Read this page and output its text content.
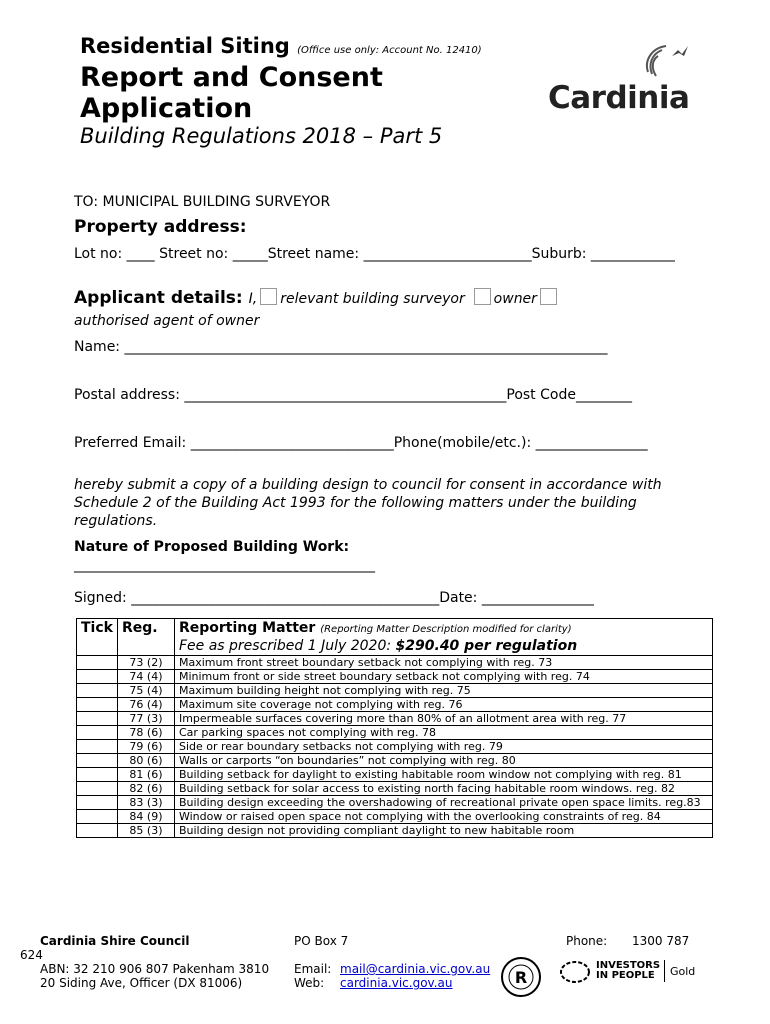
Residential Siting (Office use only: Account No. 12410)
Report and Consent Application
Building Regulations 2018 – Part 5
Cardinia
TO: MUNICIPAL BUILDING SURVEYOR
Property address:
Lot no: ____ Street no: _____Street name: ________________________Suburb: ____________
Applicant details: I, relevant building surveyor owner
authorised agent of owner
Name: _____________________________________________________________________
Postal address: ______________________________________________Post Code________
Preferred Email: _____________________________Phone(mobile/etc.): ________________
hereby submit a copy of a building design to council for consent in accordance with Schedule 2 of the Building Act 1993 for the following matters under the building regulations.
Nature of Proposed Building Work:
___________________________________________
Signed: ____________________________________________Date: ________________
Tick	Reg.	Reporting Matter (Reporting Matter Description modified for clarity)
Fee as prescribed 1 July 2020: $290.40 per regulation
	73 (2)	Maximum front street boundary setback not complying with reg. 73
	74 (4)	Minimum front or side street boundary setback not complying with reg. 74
	75 (4)	Maximum building height not complying with reg. 75
	76 (4)	Maximum site coverage not complying with reg. 76
	77 (3)	Impermeable surfaces covering more than 80% of an allotment area with reg. 77
	78 (6)	Car parking spaces not complying with reg. 78
	79 (6)	Side or rear boundary setbacks not complying with reg. 79
	80 (6)	Walls or carports “on boundaries” not complying with reg. 80
	81 (6)	Building setback for daylight to existing habitable room window not complying with reg. 81
	82 (6)	Building setback for solar access to existing north facing habitable room windows. reg. 82
	83 (3)	Building design exceeding the overshadowing of recreational private open space limits. reg.83
	84 (9)	Window or raised open space not complying with the overlooking constraints of reg. 84
	85 (3)	Building design not providing compliant daylight to new habitable room
Cardinia Shire Council	PO Box 7	Phone: 1300 787
624
ABN: 32 210 906 807 Pakenham 3810 Email: mail@cardinia.vic.gov.au
20 Siding Ave, Officer (DX 81006)	Web: cardinia.vic.gov.au	R
INVESTORS
IN PEOPLE	Gold
